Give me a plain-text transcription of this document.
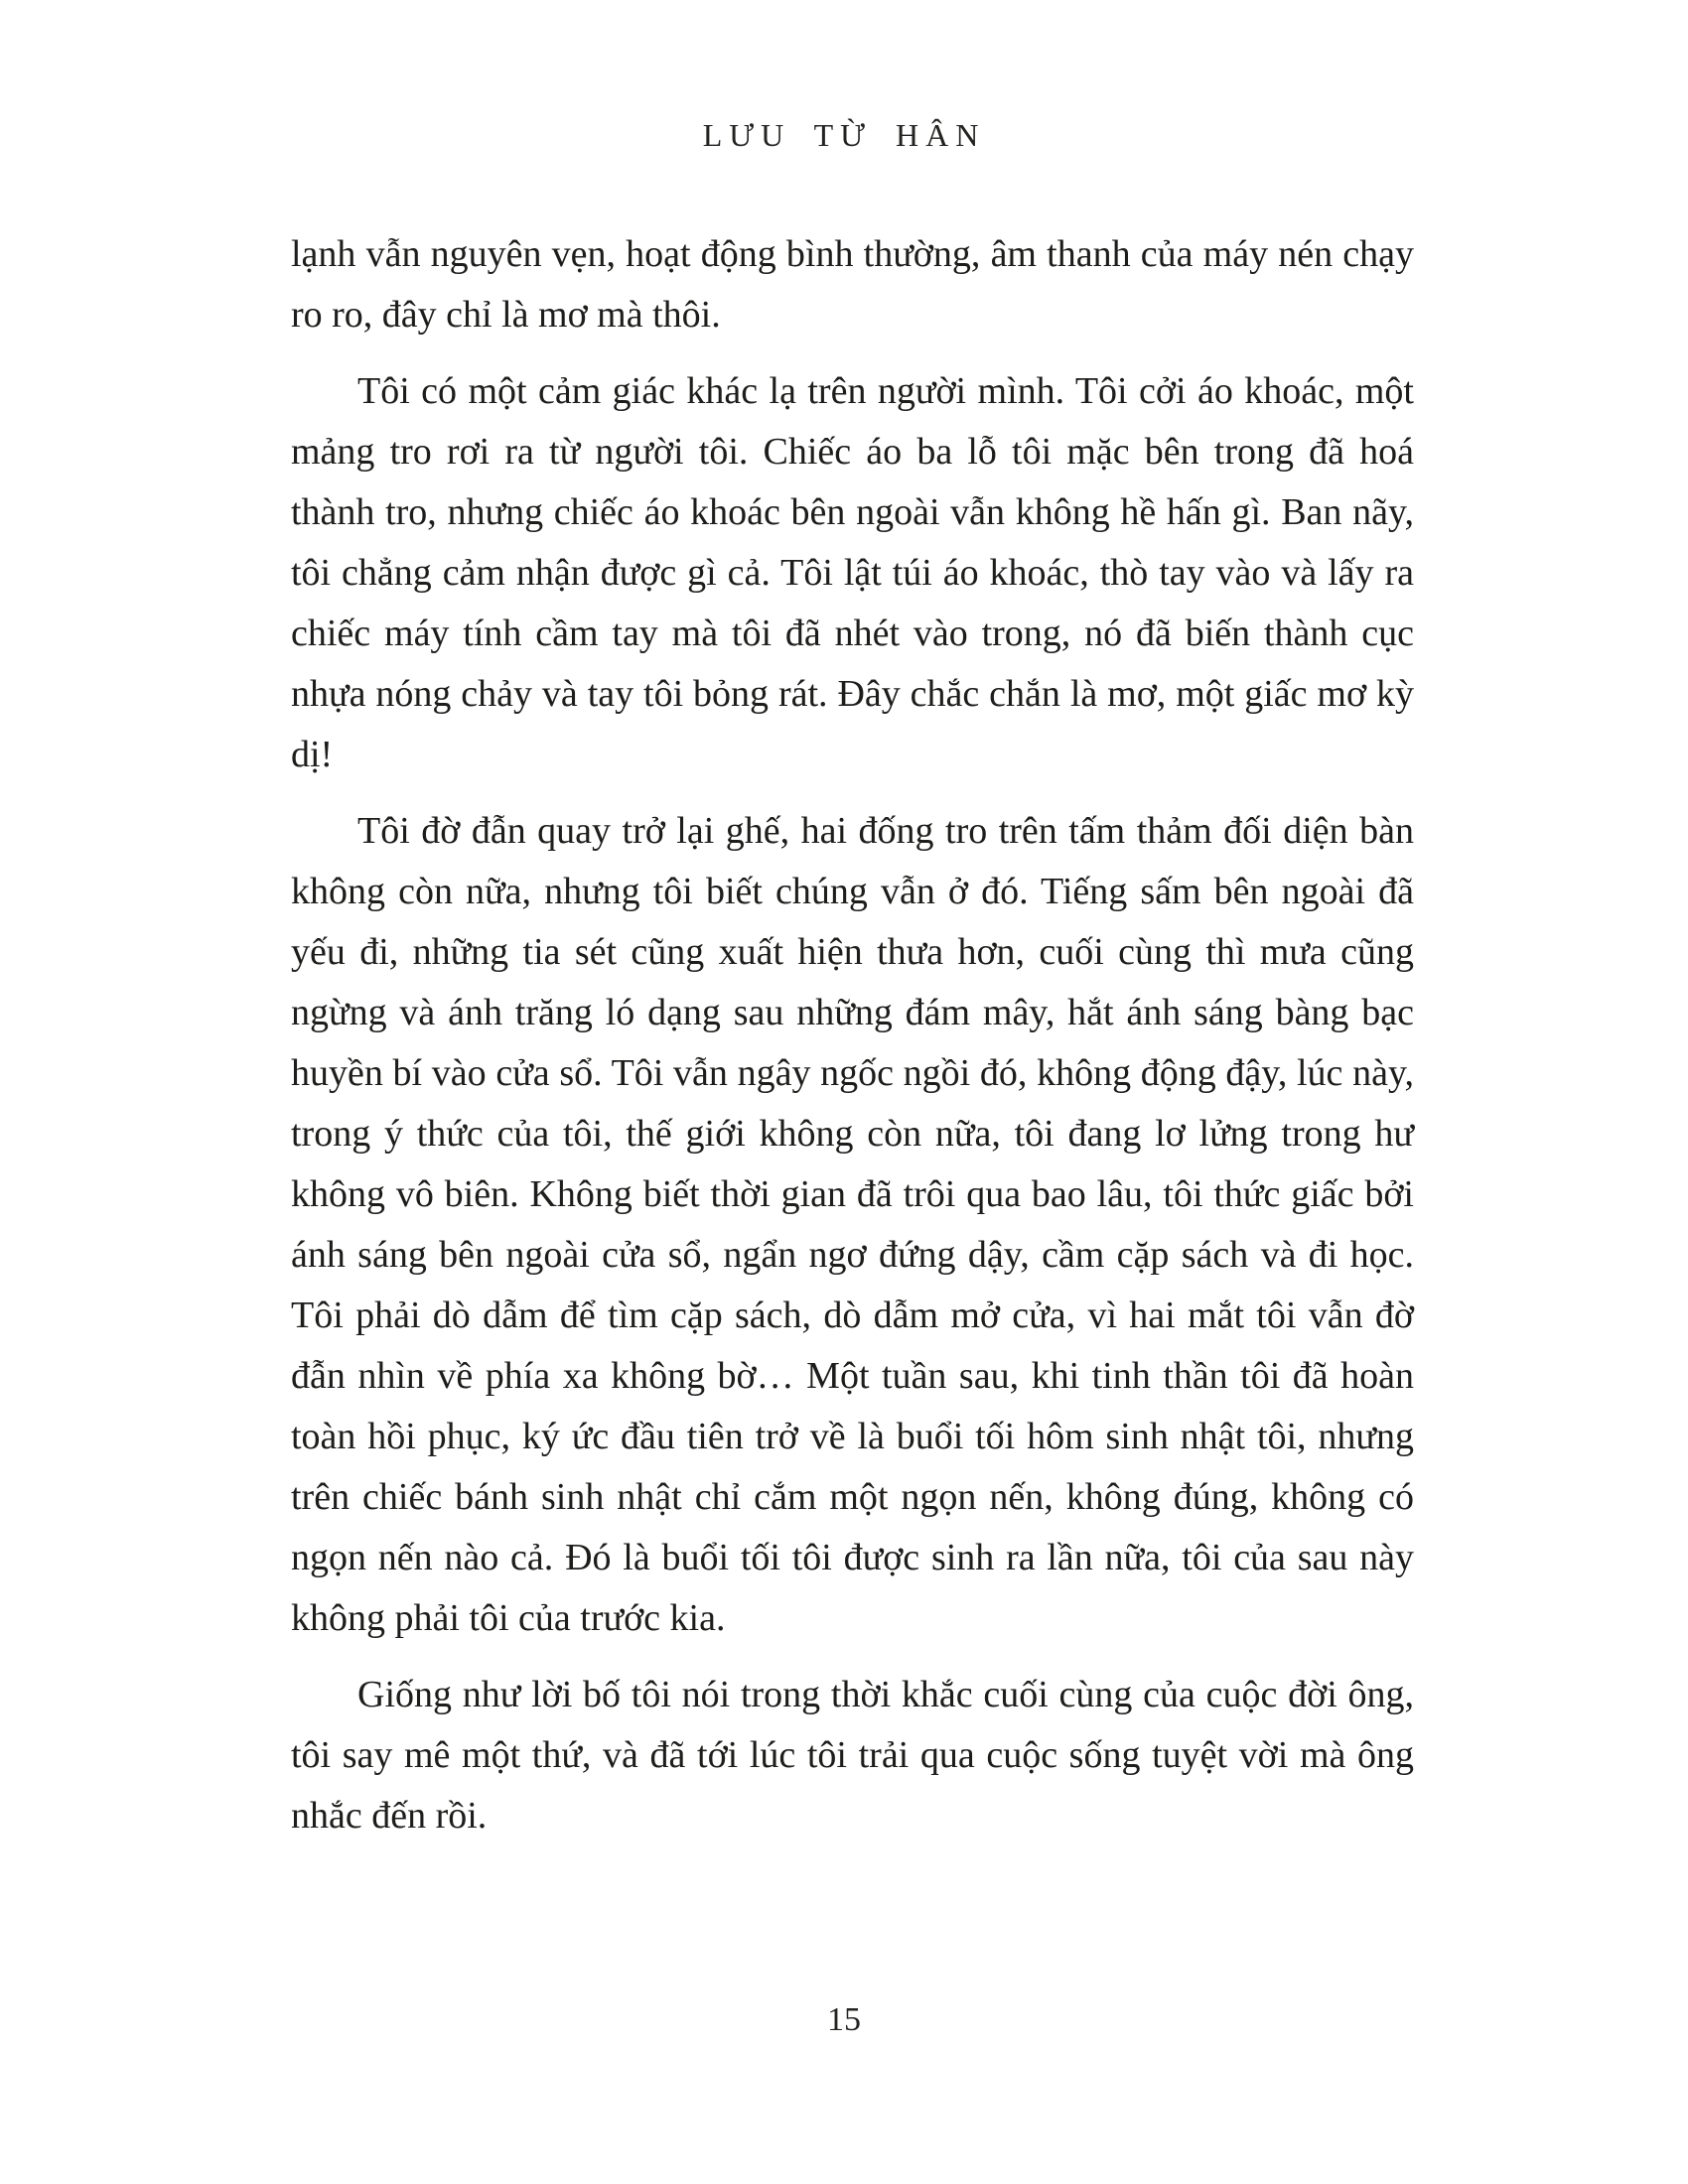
LƯU TỪ HÂN

lạnh vẫn nguyên vẹn, hoạt động bình thường, âm thanh của máy nén chạy ro ro, đây chỉ là mơ mà thôi.

Tôi có một cảm giác khác lạ trên người mình. Tôi cởi áo khoác, một mảng tro rơi ra từ người tôi. Chiếc áo ba lỗ tôi mặc bên trong đã hoá thành tro, nhưng chiếc áo khoác bên ngoài vẫn không hề hấn gì. Ban nãy, tôi chẳng cảm nhận được gì cả. Tôi lật túi áo khoác, thò tay vào và lấy ra chiếc máy tính cầm tay mà tôi đã nhét vào trong, nó đã biến thành cục nhựa nóng chảy và tay tôi bỏng rát. Đây chắc chắn là mơ, một giấc mơ kỳ dị!

Tôi đờ đẫn quay trở lại ghế, hai đống tro trên tấm thảm đối diện bàn không còn nữa, nhưng tôi biết chúng vẫn ở đó. Tiếng sấm bên ngoài đã yếu đi, những tia sét cũng xuất hiện thưa hơn, cuối cùng thì mưa cũng ngừng và ánh trăng ló dạng sau những đám mây, hắt ánh sáng bàng bạc huyền bí vào cửa sổ. Tôi vẫn ngây ngốc ngồi đó, không động đậy, lúc này, trong ý thức của tôi, thế giới không còn nữa, tôi đang lơ lửng trong hư không vô biên. Không biết thời gian đã trôi qua bao lâu, tôi thức giấc bởi ánh sáng bên ngoài cửa sổ, ngẩn ngơ đứng dậy, cầm cặp sách và đi học. Tôi phải dò dẫm để tìm cặp sách, dò dẫm mở cửa, vì hai mắt tôi vẫn đờ đẫn nhìn về phía xa không bờ… Một tuần sau, khi tinh thần tôi đã hoàn toàn hồi phục, ký ức đầu tiên trở về là buổi tối hôm sinh nhật tôi, nhưng trên chiếc bánh sinh nhật chỉ cắm một ngọn nến, không đúng, không có ngọn nến nào cả. Đó là buổi tối tôi được sinh ra lần nữa, tôi của sau này không phải tôi của trước kia.

Giống như lời bố tôi nói trong thời khắc cuối cùng của cuộc đời ông, tôi say mê một thứ, và đã tới lúc tôi trải qua cuộc sống tuyệt vời mà ông nhắc đến rồi.

15
